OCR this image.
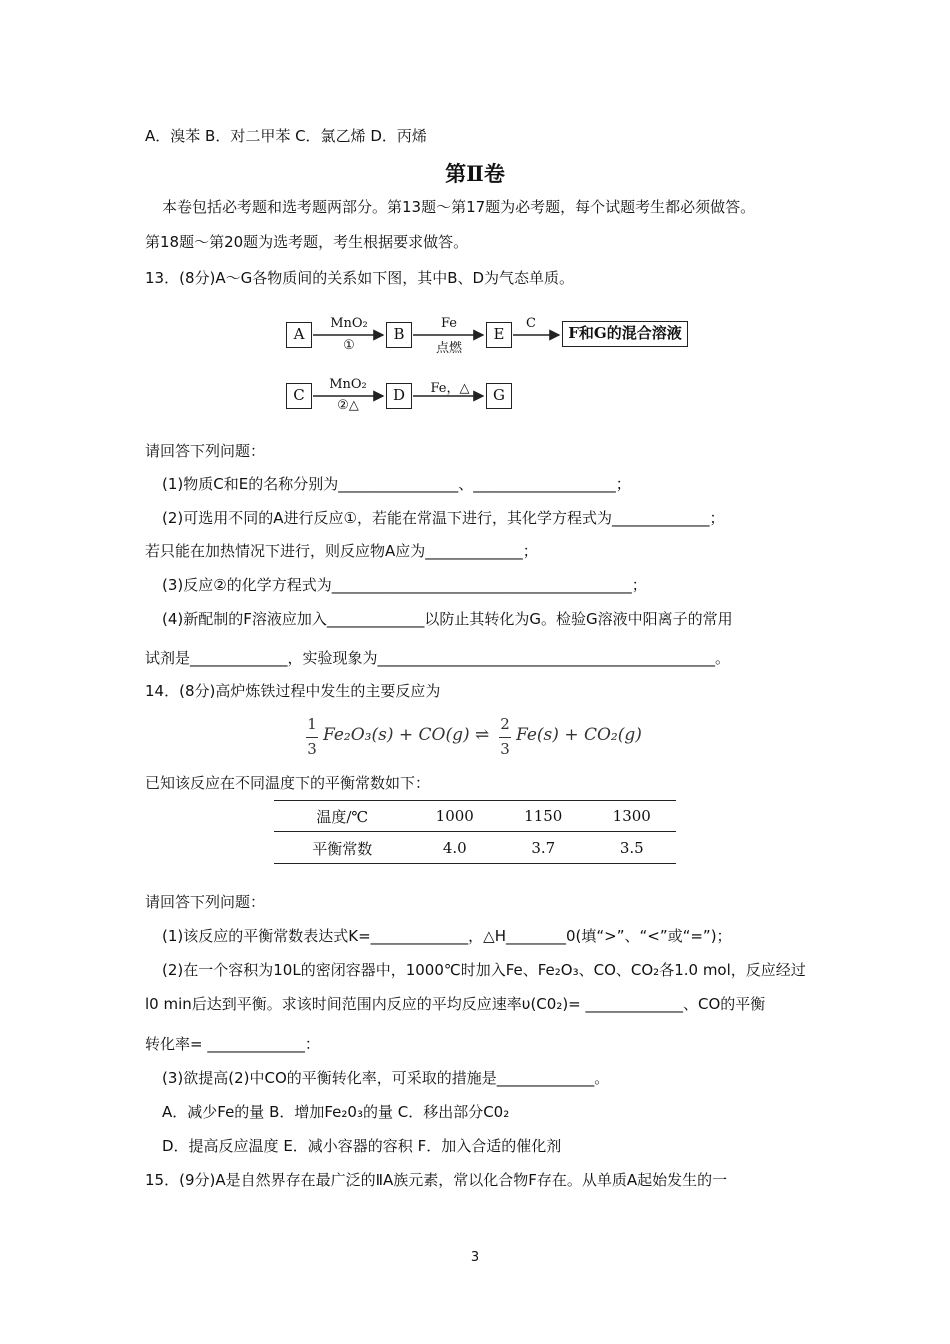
A．溴苯 B．对二甲苯 C．氯乙烯 D．丙烯
第Ⅱ卷
本卷包括必考题和选考题两部分。第13题～第17题为必考题，每个试题考生都必须做答。
第18题～第20题为选考题，考生根据要求做答。
13．(8分)A～G各物质间的关系如下图，其中B、D为气态单质。
A	B	E	F和G的混合溶液
C	D	G
MnO₂
①
Fe
点燃
C
MnO₂
②△
Fe，△
请回答下列问题：
(1)物质C和E的名称分别为________________、___________________；
(2)可选用不同的A进行反应①，若能在常温下进行，其化学方程式为_____________；
若只能在加热情况下进行，则反应物A应为_____________；
(3)反应②的化学方程式为________________________________________；
(4)新配制的F溶液应加入_____________以防止其转化为G。检验G溶液中阳离子的常用
试剂是_____________，实验现象为_____________________________________________。
14．(8分)高炉炼铁过程中发生的主要反应为
1
3
Fe₂O₃(s) + CO(g) ⇌
2
3
Fe(s) + CO₂(g)
已知该反应在不同温度下的平衡常数如下：
温度/℃	1000	1150	1300
平衡常数	4.0	3.7	3.5
请回答下列问题：
(1)该反应的平衡常数表达式K=_____________，△H________0(填“>”、“<”或“=”)；
(2)在一个容积为10L的密闭容器中，1000℃时加入Fe、Fe₂O₃、CO、CO₂各1.0 mol，反应经过
l0 min后达到平衡。求该时间范围内反应的平均反应速率υ(C0₂)= _____________、CO的平衡
转化率= _____________：
(3)欲提高(2)中CO的平衡转化率，可采取的措施是_____________。
A．减少Fe的量 B．增加Fe₂0₃的量 C．移出部分C0₂
D．提高反应温度 E．减小容器的容积 F．加入合适的催化剂
15．(9分)A是自然界存在最广泛的ⅡA族元素，常以化合物F存在。从单质A起始发生的一
3
